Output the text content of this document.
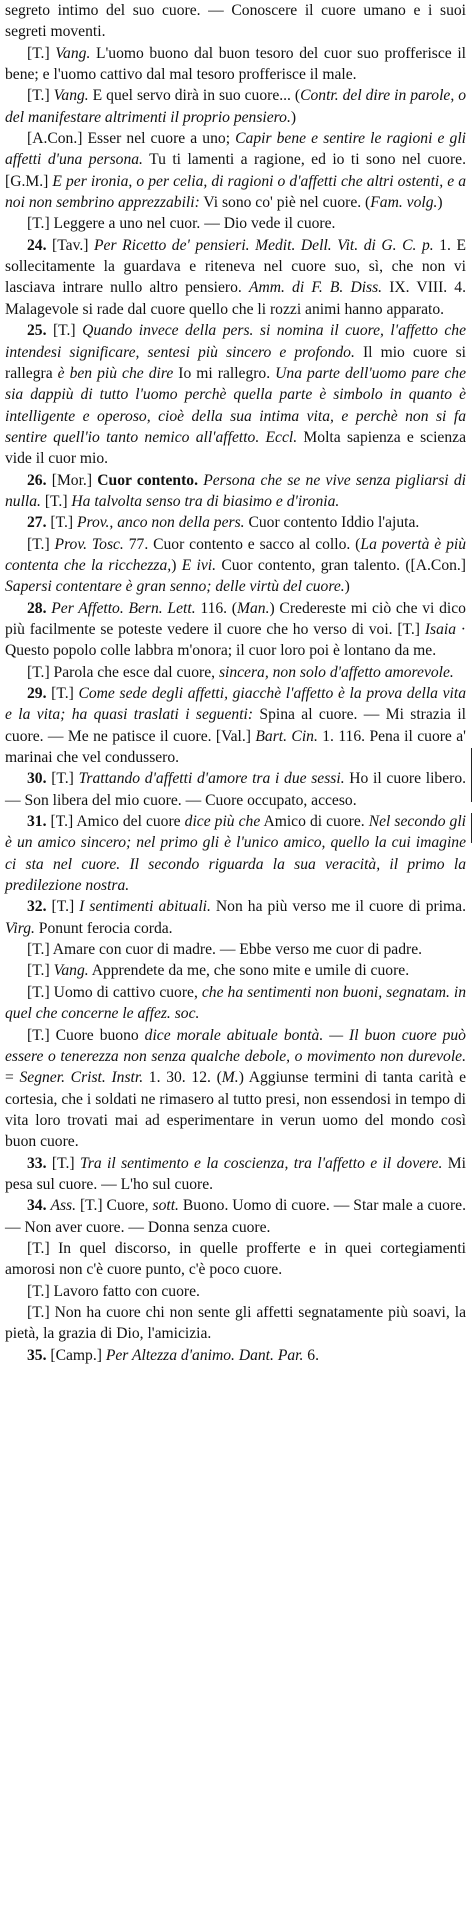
segreto intimo del suo cuore. — Conoscere il cuore umano e i suoi segreti moventi.

[T.] Vang. L'uomo buono dal buon tesoro del cuor suo profferisce il bene; e l'uomo cattivo dal mal tesoro profferisce il male.

[T.] Vang. E quel servo dirà in suo cuore... (Contr. del dire in parole, o del manifestare altrimenti il proprio pensiero.)

[A.Con.] Esser nel cuore a uno; Capir bene e sentire le ragioni e gli affetti d'una persona. Tu ti lamenti a ragione, ed io ti sono nel cuore. [G.M.] E per ironia, o per celia, di ragioni o d'affetti che altri ostenti, e a noi non sembrino apprezzabili: Vi sono co' piè nel cuore. (Fam. volg.)

[T.] Leggere a uno nel cuor. — Dio vede il cuore.

24. [Tav.] Per Ricetto de' pensieri. Medit. Dell. Vit. di G. C. p. 1. E sollecitamente la guardava e riteneva nel cuore suo, sì, che non vi lasciava intrare nullo altro pensiero. Amm. di F. B. Diss. IX. VIII. 4. Malagevole si rade dal cuore quello che li rozzi animi hanno apparato.

25. [T.] Quando invece della pers. si nomina il cuore, l'affetto che intendesi significare, sentesi più sincero e profondo. Il mio cuore si rallegra è ben più che dire Io mi rallegro. Una parte dell'uomo pare che sia dappiù di tutto l'uomo perchè quella parte è simbolo in quanto è intelligente e operoso, cioè della sua intima vita, e perchè non si fa sentire quell'io tanto nemico all'affetto. Eccl. Molta sapienza e scienza vide il cuor mio.

26. [Mor.] Cuor contento. Persona che se ne vive senza pigliarsi di nulla. [T.] Ha talvolta senso tra di biasimo e d'ironia.

27. [T.] Prov., anco non della pers. Cuor contento Iddio l'ajuta.

[T.] Prov. Tosc. 77. Cuor contento e sacco al collo. (La povertà è più contenta che la ricchezza,) E ivi. Cuor contento, gran talento. ([A.Con.] Sapersi contentare è gran senno; delle virtù del cuore.)

28. Per Affetto. Bern. Lett. 116. (Man.) Credereste mi ciò che vi dico più facilmente se poteste vedere il cuore che ho verso di voi. [T.] Isaia · Questo popolo colle labbra m'onora; il cuor loro poi è lontano da me.

[T.] Parola che esce dal cuore, sincera, non solo d'affetto amorevole.

29. [T.] Come sede degli affetti, giacchè l'affetto è la prova della vita e la vita; ha quasi traslati i seguenti: Spina al cuore. — Mi strazia il cuore. — Me ne patisce il cuore. [Val.] Bart. Cin. 1. 116. Pena il cuore a' marinai che vel condussero.

30. [T.] Trattando d'affetti d'amore tra i due sessi. Ho il cuore libero. — Son libera del mio cuore. — Cuore occupato, acceso.

31. [T.] Amico del cuore dice più che Amico di cuore. Nel secondo gli è un amico sincero; nel primo gli è l'unico amico, quello la cui imagine ci sta nel cuore. Il secondo riguarda la sua veracità, il primo la predilezione nostra.

32. [T.] I sentimenti abituali. Non ha più verso me il cuore di prima. Virg. Ponunt ferocia corda.

[T.] Amare con cuor di madre. — Ebbe verso me cuor di padre.

[T.] Vang. Apprendete da me, che sono mite e umile di cuore.

[T.] Uomo di cattivo cuore, che ha sentimenti non buoni, segnatam. in quel che concerne le affez. soc.

[T.] Cuore buono dice morale abituale bontà. — Il buon cuore può essere o tenerezza non senza qualche debole, o movimento non durevole. = Segner. Crist. Instr. 1. 30. 12. (M.) Aggiunse termini di tanta carità e cortesia, che i soldati ne rimasero al tutto presi, non essendosi in tempo di vita loro trovati mai ad esperimentare in verun uomo del mondo così buon cuore.

33. [T.] Tra il sentimento e la coscienza, tra l'affetto e il dovere. Mi pesa sul cuore. — L'ho sul cuore.

34. Ass. [T.] Cuore, sott. Buono. Uomo di cuore. — Star male a cuore. — Non aver cuore. — Donna senza cuore.

[T.] In quel discorso, in quelle profferte e in quei cortegiamenti amorosi non c'è cuore punto, c'è poco cuore.

[T.] Lavoro fatto con cuore.

[T.] Non ha cuore chi non sente gli affetti segnatamente più soavi, la pietà, la grazia di Dio, l'amicizia.

35. [Camp.] Per Altezza d'animo. Dant. Par. 6.
